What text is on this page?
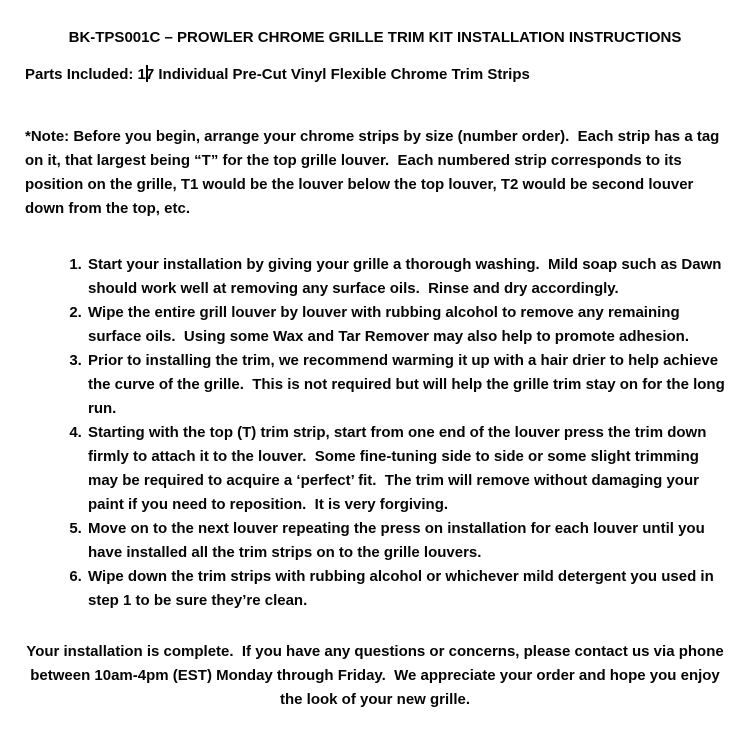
BK-TPS001C – PROWLER CHROME GRILLE TRIM KIT INSTALLATION INSTRUCTIONS

Parts Included: 17 Individual Pre-Cut Vinyl Flexible Chrome Trim Strips

*Note: Before you begin, arrange your chrome strips by size (number order).  Each strip has a tag on it, that largest being “T” for the top grille louver.  Each numbered strip corresponds to its position on the grille, T1 would be the louver below the top louver, T2 would be second louver down from the top, etc.

1. Start your installation by giving your grille a thorough washing.  Mild soap such as Dawn should work well at removing any surface oils.  Rinse and dry accordingly.
2. Wipe the entire grill louver by louver with rubbing alcohol to remove any remaining surface oils.  Using some Wax and Tar Remover may also help to promote adhesion.
3. Prior to installing the trim, we recommend warming it up with a hair drier to help achieve the curve of the grille.  This is not required but will help the grille trim stay on for the long run.
4. Starting with the top (T) trim strip, start from one end of the louver press the trim down firmly to attach it to the louver.  Some fine-tuning side to side or some slight trimming may be required to acquire a ‘perfect’ fit.  The trim will remove without damaging your paint if you need to reposition.  It is very forgiving.
5. Move on to the next louver repeating the press on installation for each louver until you have installed all the trim strips on to the grille louvers.
6. Wipe down the trim strips with rubbing alcohol or whichever mild detergent you used in step 1 to be sure they’re clean.

Your installation is complete.  If you have any questions or concerns, please contact us via phone between 10am-4pm (EST) Monday through Friday.  We appreciate your order and hope you enjoy the look of your new grille.
